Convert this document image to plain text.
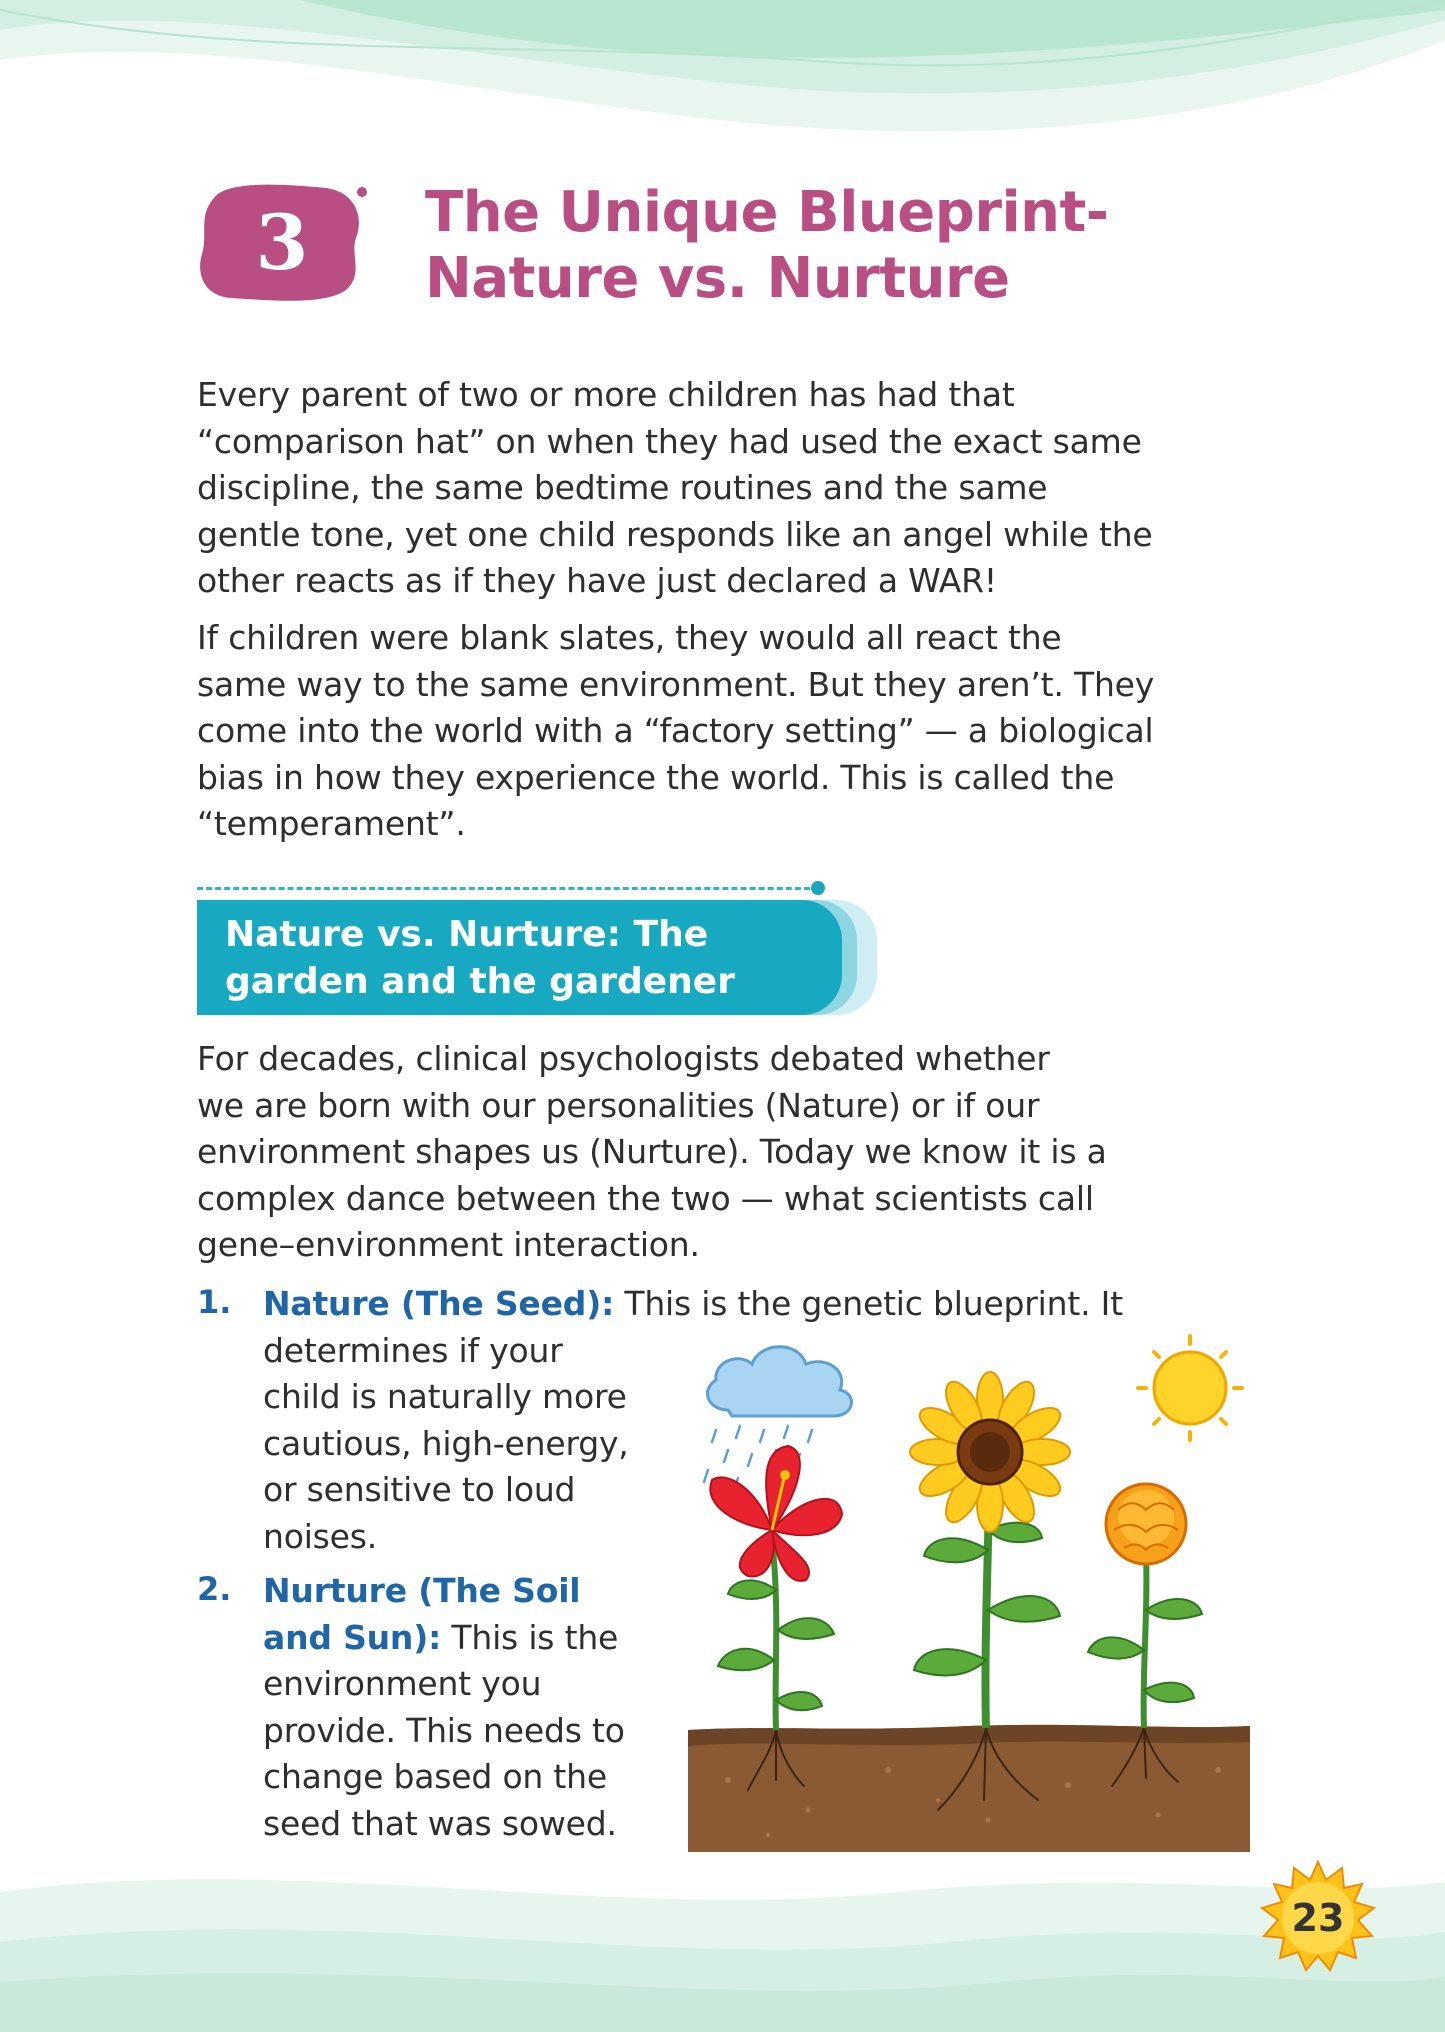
3	The Unique Blueprint-
Nature vs. Nurture

Every parent of two or more children has had that
“comparison hat” on when they had used the exact same
discipline, the same bedtime routines and the same
gentle tone, yet one child responds like an angel while the
other reacts as if they have just declared a WAR!

If children were blank slates, they would all react the
same way to the same environment. But they aren’t. They
come into the world with a “factory setting” — a biological
bias in how they experience the world. This is called the
“temperament”.

Nature vs. Nurture: The
garden and the gardener

For decades, clinical psychologists debated whether
we are born with our personalities (Nature) or if our
environment shapes us (Nurture). Today we know it is a
complex dance between the two — what scientists call
gene–environment interaction.

1. Nature (The Seed): This is the genetic blueprint. It
determines if your
child is naturally more
cautious, high-energy,
or sensitive to loud
noises.

2. Nurture (The Soil
and Sun): This is the
environment you
provide. This needs to
change based on the
seed that was sowed.

23
